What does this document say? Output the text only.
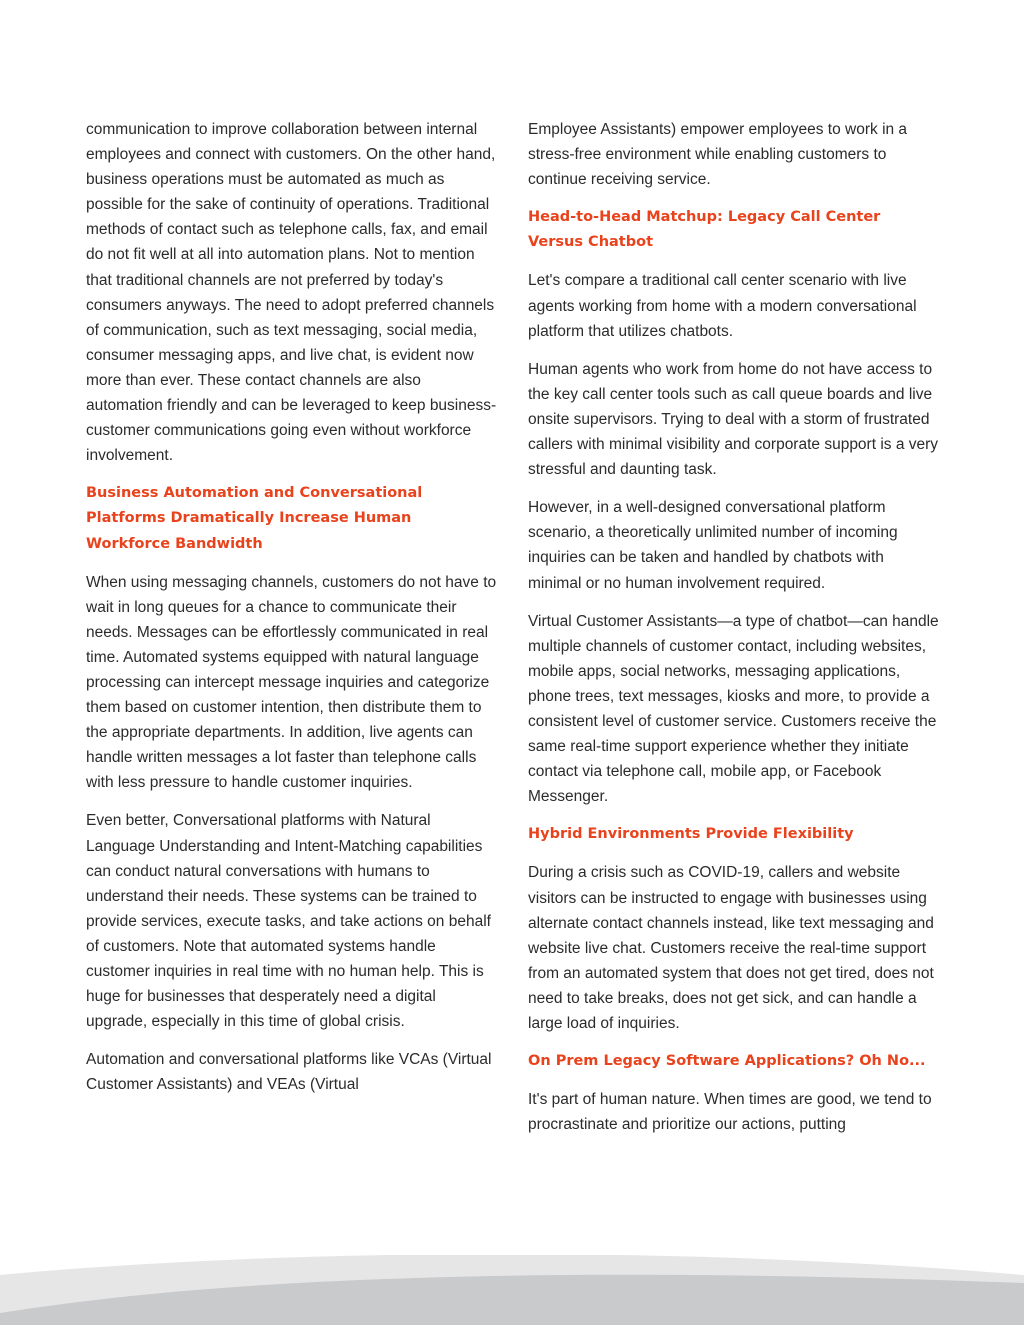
communication to improve collaboration between internal employees and connect with customers. On the other hand, business operations must be automated as much as possible for the sake of continuity of operations. Traditional methods of contact such as telephone calls, fax, and email do not fit well at all into automation plans. Not to mention that traditional channels are not preferred by today's consumers anyways. The need to adopt preferred channels of communication, such as text messaging, social media, consumer messaging apps, and live chat, is evident now more than ever. These contact channels are also automation friendly and can be leveraged to keep business-customer communications going even without workforce involvement.

Business Automation and Conversational Platforms Dramatically Increase Human Workforce Bandwidth

When using messaging channels, customers do not have to wait in long queues for a chance to communicate their needs. Messages can be effortlessly communicated in real time. Automated systems equipped with natural language processing can intercept message inquiries and categorize them based on customer intention, then distribute them to the appropriate departments. In addition, live agents can handle written messages a lot faster than telephone calls with less pressure to handle customer inquiries.

Even better, Conversational platforms with Natural Language Understanding and Intent-Matching capabilities can conduct natural conversations with humans to understand their needs. These systems can be trained to provide services, execute tasks, and take actions on behalf of customers. Note that automated systems handle customer inquiries in real time with no human help. This is huge for businesses that desperately need a digital upgrade, especially in this time of global crisis.

Automation and conversational platforms like VCAs (Virtual Customer Assistants) and VEAs (Virtual

Employee Assistants) empower employees to work in a stress-free environment while enabling customers to continue receiving service.

Head-to-Head Matchup: Legacy Call Center Versus Chatbot

Let's compare a traditional call center scenario with live agents working from home with a modern conversational platform that utilizes chatbots.

Human agents who work from home do not have access to the key call center tools such as call queue boards and live onsite supervisors. Trying to deal with a storm of frustrated callers with minimal visibility and corporate support is a very stressful and daunting task.

However, in a well-designed conversational platform scenario, a theoretically unlimited number of incoming inquiries can be taken and handled by chatbots with minimal or no human involvement required.

Virtual Customer Assistants—a type of chatbot—can handle multiple channels of customer contact, including websites, mobile apps, social networks, messaging applications, phone trees, text messages, kiosks and more, to provide a consistent level of customer service. Customers receive the same real-time support experience whether they initiate contact via telephone call, mobile app, or Facebook Messenger.

Hybrid Environments Provide Flexibility

During a crisis such as COVID-19, callers and website visitors can be instructed to engage with businesses using alternate contact channels instead, like text messaging and website live chat. Customers receive the real-time support from an automated system that does not get tired, does not need to take breaks, does not get sick, and can handle a large load of inquiries.

On Prem Legacy Software Applications? Oh No...

It's part of human nature. When times are good, we tend to procrastinate and prioritize our actions, putting
